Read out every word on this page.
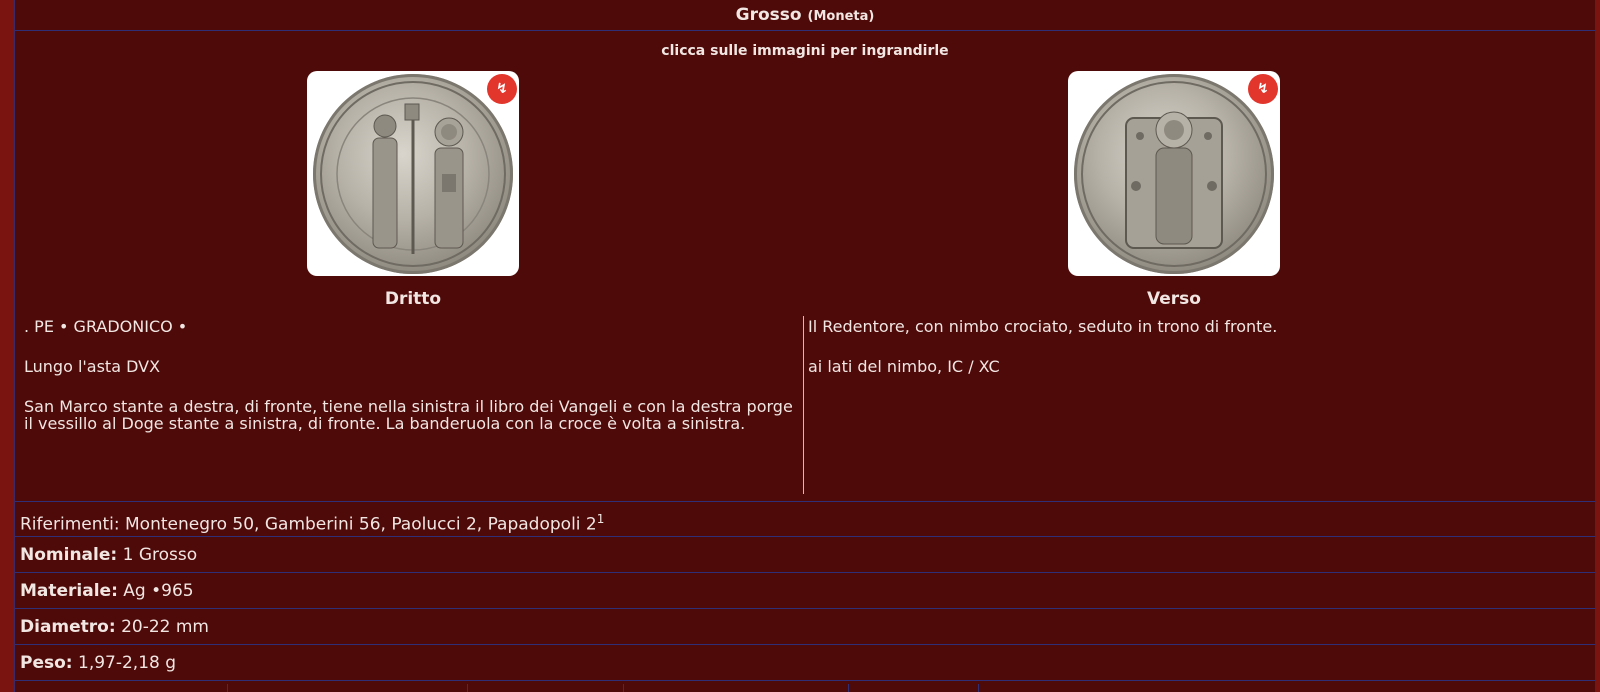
Grosso (Moneta)
clicca sulle immagini per ingrandirle
↯
Dritto
↯
Verso

. PE • GRADONICO •

Lungo l'asta DVX

San Marco stante a destra, di fronte, tiene nella sinistra il libro dei Vangeli e con la destra porge il vessillo al Doge stante a sinistra, di fronte. La banderuola con la croce è volta a sinistra.

Il Redentore, con nimbo crociato, seduto in trono di fronte.

ai lati del nimbo, IC / XC

Riferimenti: Montenegro 50, Gamberini 56, Paolucci 2, Papadopoli $2^1$
Nominale: 1 Grosso
Materiale: Ag •965
Diametro: 20-22 mm
Peso: 1,97-2,18 g
